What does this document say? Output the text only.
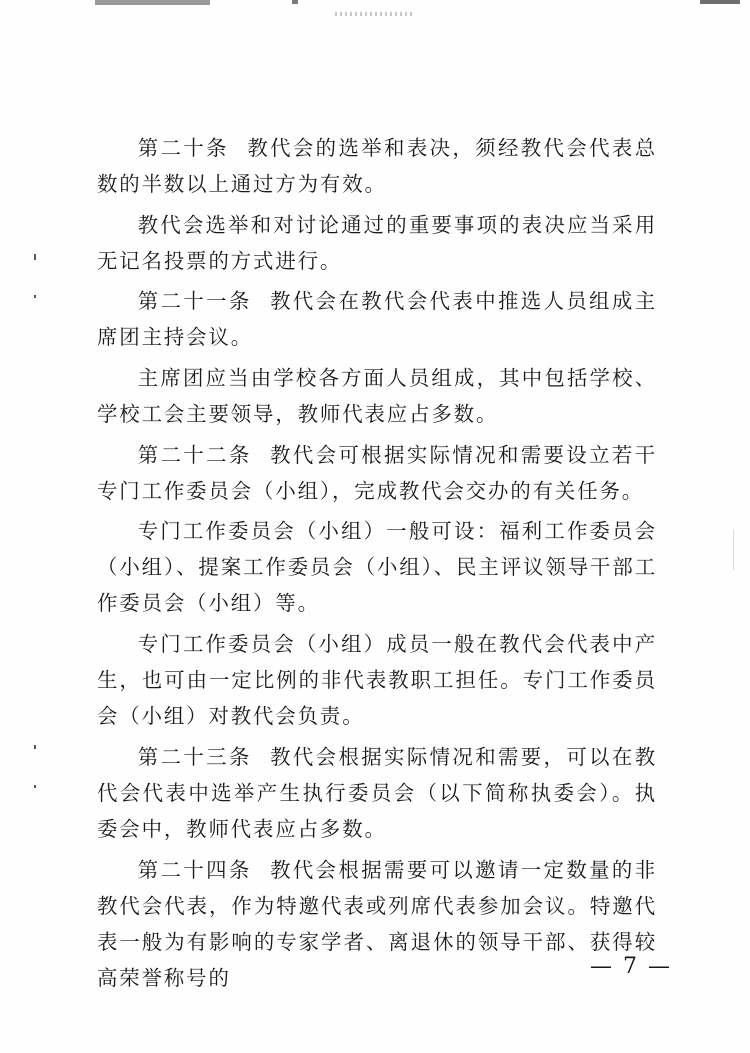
第二十条 教代会的选举和表决，须经教代会代表总数的半数以上通过方为有效。

教代会选举和对讨论通过的重要事项的表决应当采用无记名投票的方式进行。

第二十一条 教代会在教代会代表中推选人员组成主席团主持会议。

主席团应当由学校各方面人员组成，其中包括学校、学校工会主要领导，教师代表应占多数。

第二十二条 教代会可根据实际情况和需要设立若干专门工作委员会（小组），完成教代会交办的有关任务。

专门工作委员会（小组）一般可设：福利工作委员会（小组）、提案工作委员会（小组）、民主评议领导干部工作委员会（小组）等。

专门工作委员会（小组）成员一般在教代会代表中产生，也可由一定比例的非代表教职工担任。专门工作委员会（小组）对教代会负责。

第二十三条 教代会根据实际情况和需要，可以在教代会代表中选举产生执行委员会（以下简称执委会）。执委会中，教师代表应占多数。

第二十四条 教代会根据需要可以邀请一定数量的非教代会代表，作为特邀代表或列席代表参加会议。特邀代表一般为有影响的专家学者、离退休的领导干部、获得较高荣誉称号的	— 7 —
